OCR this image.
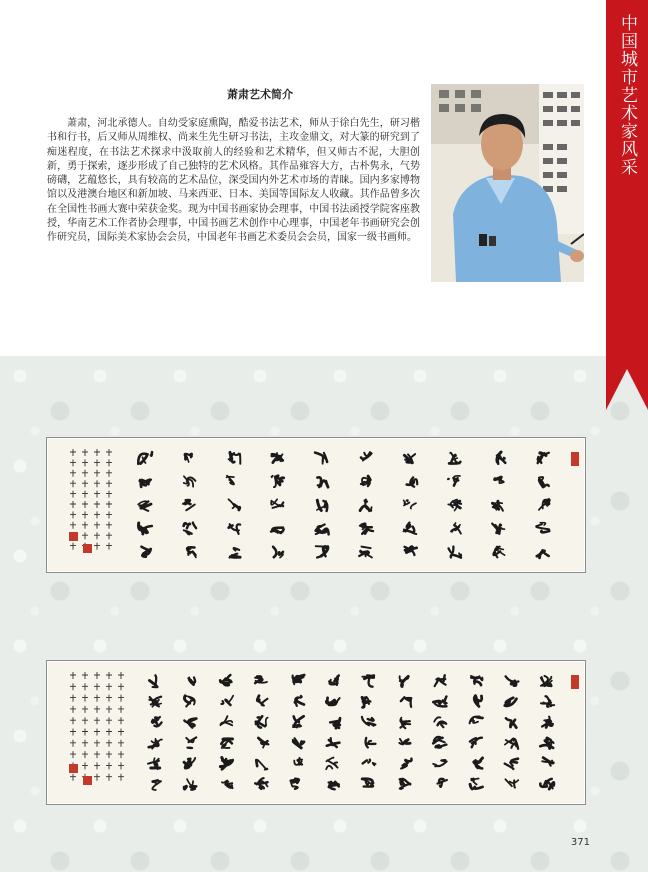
中国城市艺术家风采
萧肃艺术简介

萧肃，河北承德人。自幼受家庭熏陶，酷爱书法艺术，师从于徐白先生，研习楷书和行书，后又师从周维权、尚来生先生研习书法，主攻金鼎文，对大篆的研究到了痴迷程度，在书法艺术探求中汲取前人的经验和艺术精华，但又师古不泥，大胆创新，勇于探索，逐步形成了自己独特的艺术风格。其作品雍容大方，古朴隽永，气势磅礴，艺蕴悠长，具有较高的艺术品位，深受国内外艺术市场的青睐。国内多家博物馆以及港澳台地区和新加坡、马来西亚、日本、美国等国际友人收藏。其作品曾多次在全国性书画大赛中荣获金奖。现为中国书画家协会理事，中国书法函授学院客座教授，华南艺术工作者协会理事，中国书画艺术创作中心理事，中国老年书画研究会创作研究员，国际美术家协会会员，中国老年书画艺术委员会会员，国家一级书画师。

371
